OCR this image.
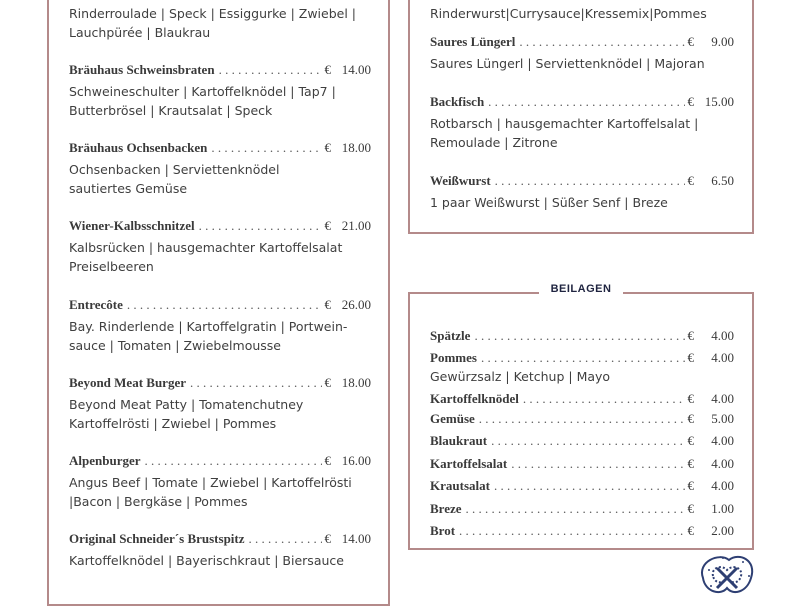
Rinderroulade | Speck | Essiggurke | Zwiebel | Lauchpürée | Blaukrau
Bräuhaus Schweinsbraten . . .	€ 14.00
Schweineschulter | Kartoffelknödel | Tap7 | Butterbrösel | Krautsalat | Speck
Bräuhaus Ochsenbacken . . .	€ 18.00
Ochsenbacken | Serviettenknödel sautiertes Gemüse
Wiener-Kalbsschnitzel . . .	€ 21.00
Kalbsrücken | hausgemachter Kartoffelsalat Preiselbeeren
Entrecôte . . .	€ 26.00
Bay. Rinderlende | Kartoffelgratin | Portwein-sauce | Tomaten | Zwiebelmousse
Beyond Meat Burger . . .	€ 18.00
Beyond Meat Patty | Tomatenchutney Kartoffelrösti | Zwiebel | Pommes
Alpenburger . . .	€ 16.00
Angus Beef | Tomate | Zwiebel | Kartoffelrösti |Bacon | Bergkäse | Pommes
Original Schneider´s Brustspitz . . .	€ 14.00
Kartoffelknödel | Bayerischkraut | Biersauce
Rinderwurst|Currysauce|Kressemix|Pommes
Saures Lüngerl . . .	€	9.00
Saures Lüngerl | Serviettenknödel | Majoran
Backfisch . . .	€ 15.00
Rotbarsch | hausgemachter Kartoffelsalat | Remoulade | Zitrone
Weißwurst . . .	€	6.50
1 paar Weißwurst | Süßer Senf | Breze
BEILAGEN
Spätzle . . .	€	4.00
Pommes . . .	€	4.00
Gewürzsalz | Ketchup | Mayo
Kartoffelknödel . . .	€	4.00
Gemüse . . .	€	5.00
Blaukraut . . .	€	4.00
Kartoffelsalat . . .	€	4.00
Krautsalat . . .	€	4.00
Breze . . .	€	1.00
Brot . . .	€	2.00
